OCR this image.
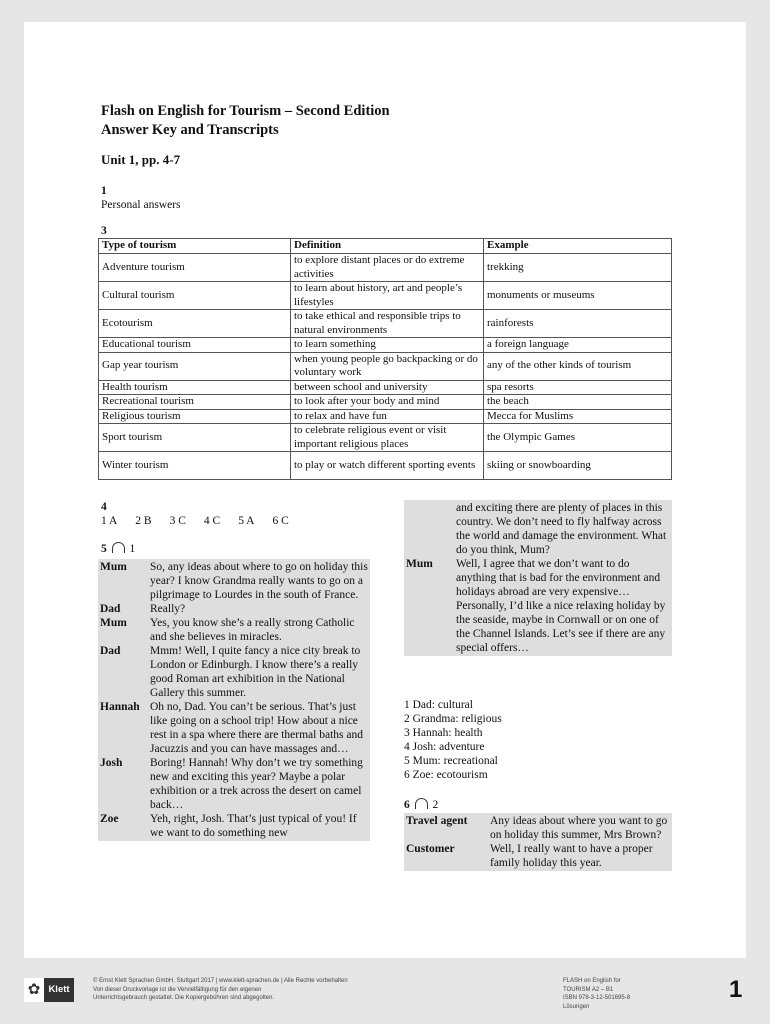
Flash on English for Tourism – Second Edition
Answer Key and Transcripts
Unit 1, pp. 4-7
1
Personal answers
3
Type of tourism	Definition	Example
Adventure tourism	to explore distant places or do extreme activities	trekking
Cultural tourism	to learn about history, art and people’s lifestyles	monuments or museums
Ecotourism	to take ethical and responsible trips to natural environments	rainforests
Educational tourism	to learn something	a foreign language
Gap year tourism	when young people go backpacking or do voluntary work	any of the other kinds of tourism
Health tourism	between school and university	spa resorts
Recreational tourism	to look after your body and mind	the beach
Religious tourism	to relax and have fun	Mecca for Muslims
Sport tourism	to celebrate religious event or visit important religious places	the Olympic Games
Winter tourism	to play or watch different sporting events	skiing or snowboarding
4
1 A 2 B 3 C 4 C 5 A 6 C
5 1
Mum	So, any ideas about where to go on holiday this year? I know Grandma really wants to go on a pilgrimage to Lourdes in the south of France.
Dad	Really?
Mum	Yes, you know she’s a really strong Catholic and she believes in miracles.
Dad	Mmm! Well, I quite fancy a nice city break to London or Edinburgh. I know there’s a really good Roman art exhibition in the National Gallery this summer.
Hannah Oh no, Dad. You can’t be serious. That’s just like going on a school trip! How about a nice rest in a spa where there are thermal baths and Jacuzzis and you can have massages and…
Josh	Boring! Hannah! Why don’t we try something new and exciting this year? Maybe a polar exhibition or a trek across the desert on camel back…
Zoe	Yeh, right, Josh. That’s just typical of you! If we want to do something new
and exciting there are plenty of places in this country. We don’t need to fly halfway across the world and damage the environment. What do you think, Mum?
Mum	Well, I agree that we don’t want to do anything that is bad for the environment and holidays abroad are very expensive… Personally, I’d like a nice relaxing holiday by the seaside, maybe in Cornwall or on one of the Channel Islands. Let’s see if there are any special offers…
1 Dad: cultural
2 Grandma: religious
3 Hannah: health
4 Josh: adventure
5 Mum: recreational
6 Zoe: ecotourism
6 2
Travel agent	Any ideas about where you want to go on holiday this summer, Mrs Brown?
Customer	Well, I really want to have a proper family holiday this year.
✿ Klett
© Ernst Klett Sprachen GmbH, Stuttgart 2017 | www.klett-sprachen.de | Alle Rechte vorbehalten
Von dieser Druckvorlage ist die Vervielfältigung für den eigenen
Unterrichtsgebrauch gestattet. Die Kopiergebühren sind abgegolten.
FLASH on English for
TOURISM A2 – B1
ISBN 978-3-12-501695-8
Lösungen
1
